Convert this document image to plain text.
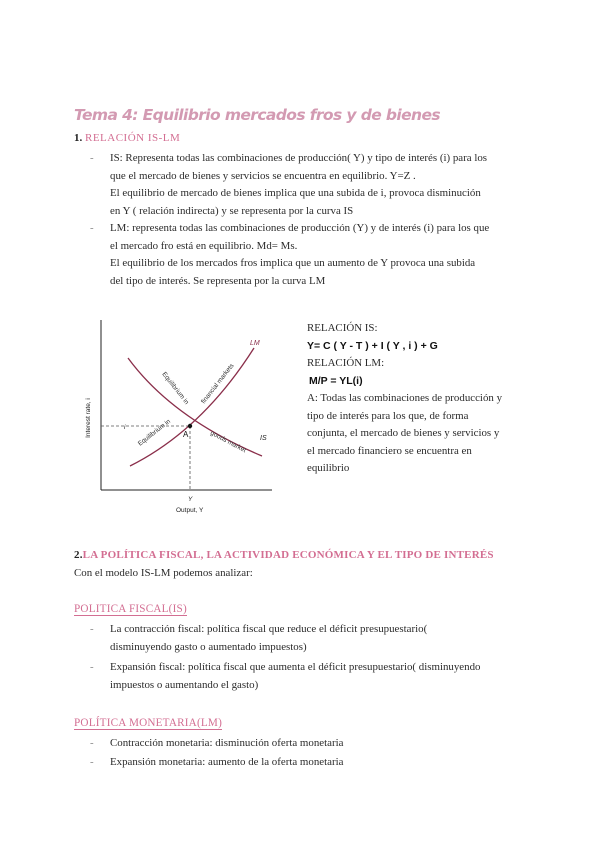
Tema 4: Equilibrio mercados fros y de bienes
1. RELACIÓN IS-LM
- IS: Representa todas las combinaciones de producción( Y) y tipo de interés (i) para los
que el mercado de bienes y servicios se encuentra en equilibrio. Y=Z .
El equilibrio de mercado de bienes implica que una subida de i, provoca disminución
en Y ( relación indirecta) y se representa por la curva IS
- LM: representa todas las combinaciones de producción (Y) y de interés (i) para los que
el mercado fro está en equilibrio. Md= Ms.
El equilibrio de los mercados fros implica que un aumento de Y provoca una subida
del tipo de interés. Se representa por la curva LM
A
LM
IS
Equilibrium in financial markets
Equilibrium in
Interest rate, i	i
Y
Output, Y
goods market
RELACIÓN IS:
Y= C ( Y - T ) + I ( Y , i ) + G
RELACIÓN LM:
M/P = YL(i)
A: Todas las combinaciones de producción y
tipo de interés para los que, de forma
conjunta, el mercado de bienes y servicios y
el mercado financiero se encuentra en
equilibrio
2.LA POLÍTICA FISCAL, LA ACTIVIDAD ECONÓMICA Y EL TIPO DE INTERÉS
Con el modelo IS-LM podemos analizar:
POLITICA FISCAL(IS)
- La contracción fiscal: política fiscal que reduce el déficit presupuestario(
disminuyendo gasto o aumentado impuestos)
- Expansión fiscal: política fiscal que aumenta el déficit presupuestario( disminuyendo
impuestos o aumentando el gasto)
POLÍTICA MONETARIA(LM)
- Contracción monetaria: disminución oferta monetaria
- Expansión monetaria: aumento de la oferta monetaria
